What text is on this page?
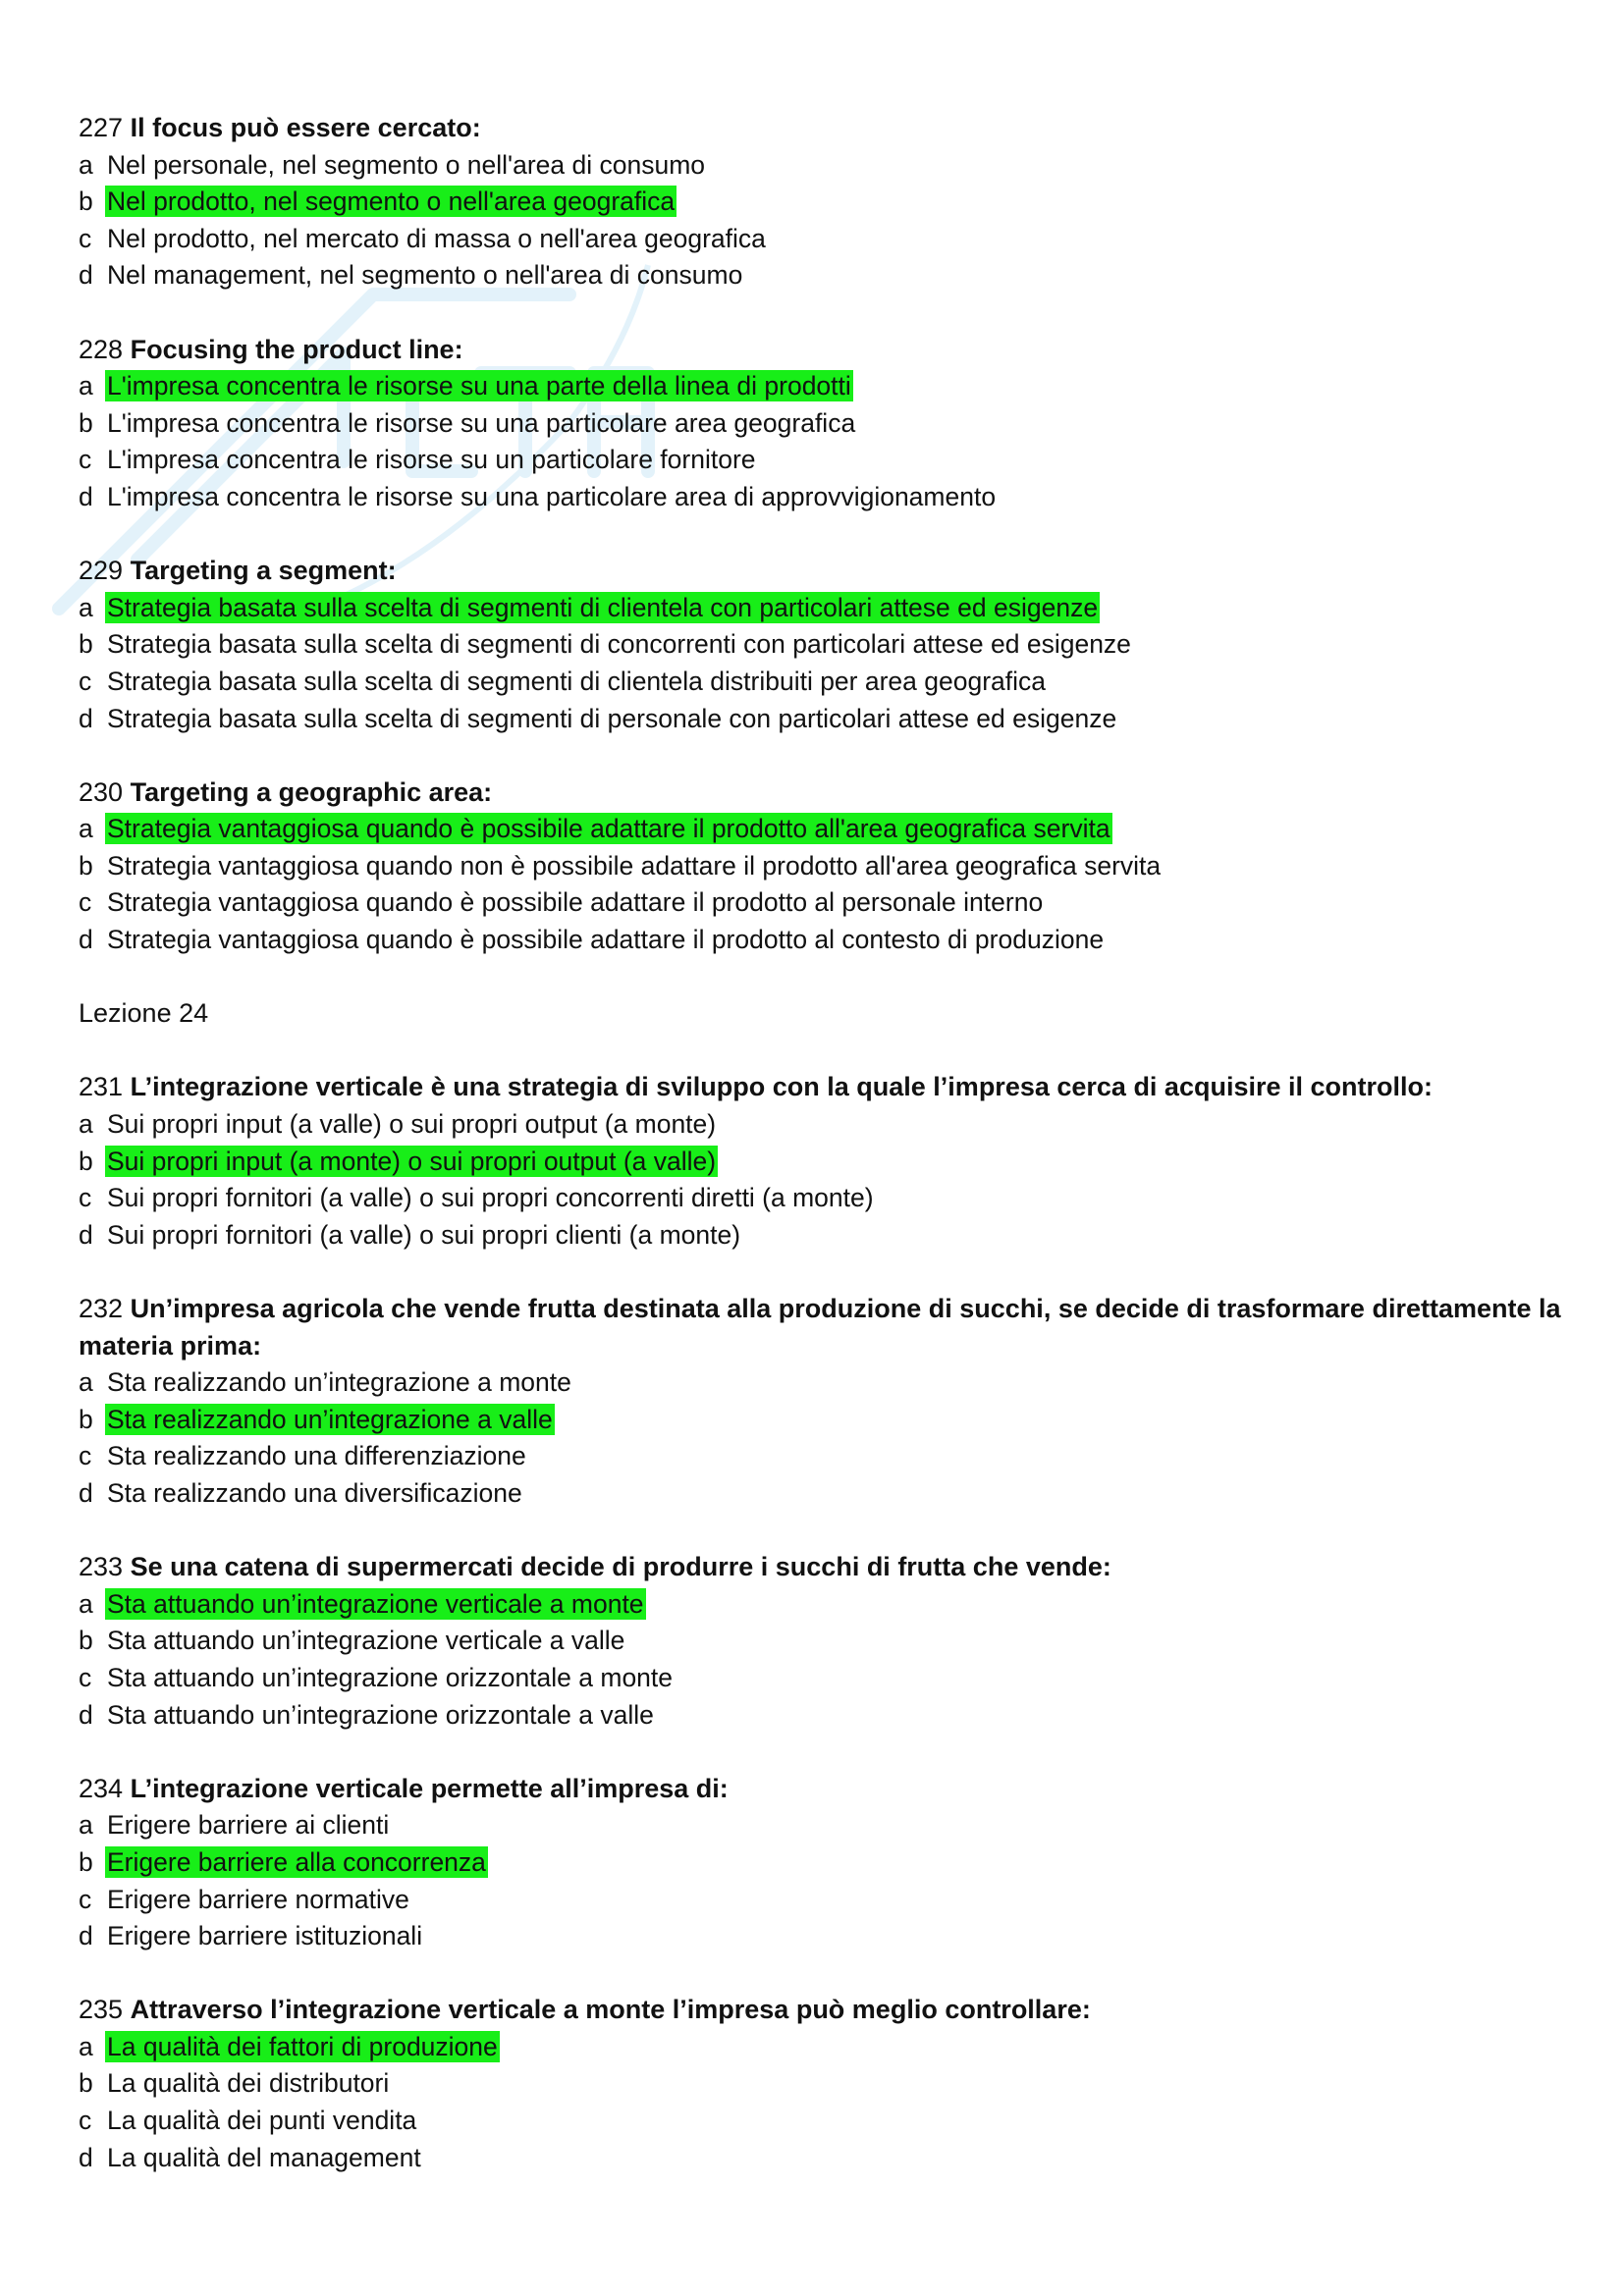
227 Il focus può essere cercato:
a Nel personale, nel segmento o nell'area di consumo
b Nel prodotto, nel segmento o nell'area geografica
c Nel prodotto, nel mercato di massa o nell'area geografica
d Nel management, nel segmento o nell'area di consumo
228 Focusing the product line:
a L'impresa concentra le risorse su una parte della linea di prodotti
b L'impresa concentra le risorse su una particolare area geografica
c L'impresa concentra le risorse su un particolare fornitore
d L'impresa concentra le risorse su una particolare area di approvvigionamento
229 Targeting a segment:
a Strategia basata sulla scelta di segmenti di clientela con particolari attese ed esigenze
b Strategia basata sulla scelta di segmenti di concorrenti con particolari attese ed esigenze
c Strategia basata sulla scelta di segmenti di clientela distribuiti per area geografica
d Strategia basata sulla scelta di segmenti di personale con particolari attese ed esigenze
230 Targeting a geographic area:
a Strategia vantaggiosa quando è possibile adattare il prodotto all'area geografica servita
b Strategia vantaggiosa quando non è possibile adattare il prodotto all'area geografica servita
c Strategia vantaggiosa quando è possibile adattare il prodotto al personale interno
d Strategia vantaggiosa quando è possibile adattare il prodotto al contesto di produzione
Lezione 24
231 L’integrazione verticale è una strategia di sviluppo con la quale l’impresa cerca di acquisire il controllo:
a Sui propri input (a valle) o sui propri output (a monte)
b Sui propri input (a monte) o sui propri output (a valle)
c Sui propri fornitori (a valle) o sui propri concorrenti diretti (a monte)
d Sui propri fornitori (a valle) o sui propri clienti (a monte)
232 Un’impresa agricola che vende frutta destinata alla produzione di succhi, se decide di trasformare direttamente la materia prima:
a Sta realizzando un’integrazione a monte
b Sta realizzando un’integrazione a valle
c Sta realizzando una differenziazione
d Sta realizzando una diversificazione
233 Se una catena di supermercati decide di produrre i succhi di frutta che vende:
a Sta attuando un’integrazione verticale a monte
b Sta attuando un’integrazione verticale a valle
c Sta attuando un’integrazione orizzontale a monte
d Sta attuando un’integrazione orizzontale a valle
234 L’integrazione verticale permette all’impresa di:
a Erigere barriere ai clienti
b Erigere barriere alla concorrenza
c Erigere barriere normative
d Erigere barriere istituzionali
235 Attraverso l’integrazione verticale a monte l’impresa può meglio controllare:
a La qualità dei fattori di produzione
b La qualità dei distributori
c La qualità dei punti vendita
d La qualità del management
